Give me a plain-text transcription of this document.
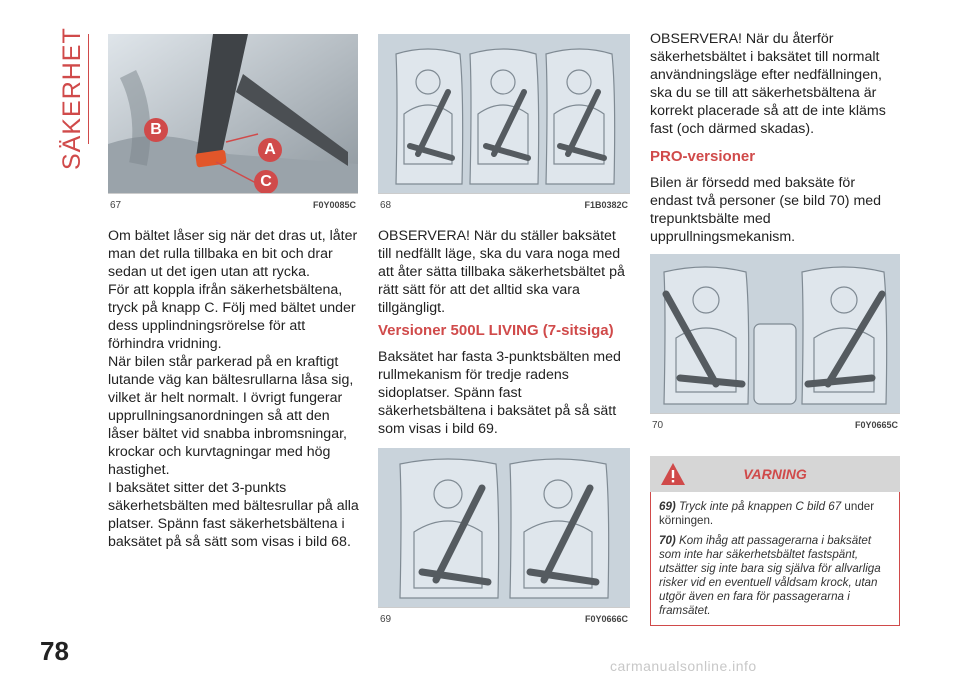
SÄKERHET	B
A
C
67	F0Y0085C 68	F1B0382C

Om bältet låser sig när det dras ut, låter man det rulla tillbaka en bit och drar sedan ut det igen utan att rycka.

För att koppla ifrån säkerhetsbältena, tryck på knapp C. Följ med bältet under dess upplindningsrörelse för att förhindra vridning.

När bilen står parkerad på en kraftigt lutande väg kan bältesrullarna låsa sig, vilket är helt normalt. I övrigt fungerar upprullningsanordningen så att den låser bältet vid snabba inbromsningar, krockar och kurvtagningar med hög hastighet.

I baksätet sitter det 3-punkts säkerhetsbälten med bältesrullar på alla platser. Spänn fast säkerhetsbältena i baksätet på så sätt som visas i bild 68.

OBSERVERA! När du ställer baksätet till nedfällt läge, ska du vara noga med att åter sätta tillbaka säkerhetsbältet på rätt sätt för att det alltid ska vara tillgängligt.

Versioner 500L LIVING (7-sitsiga)

Baksätet har fasta 3-punktsbälten med rullmekanism för tredje radens sidoplatser. Spänn fast säkerhetsbältena i baksätet på så sätt som visas i bild 69.

69	F0Y0666C

OBSERVERA! När du återför säkerhetsbältet i baksätet till normalt användningsläge efter nedfällningen, ska du se till att säkerhetsbältena är korrekt placerade så att de inte kläms fast (och därmed skadas).

PRO-versioner

Bilen är försedd med baksäte för endast två personer (se bild 70) med trepunktsbälte med upprullningsmekanism.

70	F0Y0665C
VARNING

69) Tryck inte på knappen C bild 67 under körningen.

70) Kom ihåg att passagerarna i baksätet som inte har säkerhetsbältet fastspänt, utsätter sig inte bara sig själva för allvarliga risker vid en eventuell våldsam krock, utan utgör även en fara för passagerarna i framsätet.

78	carmanualsonline.info
